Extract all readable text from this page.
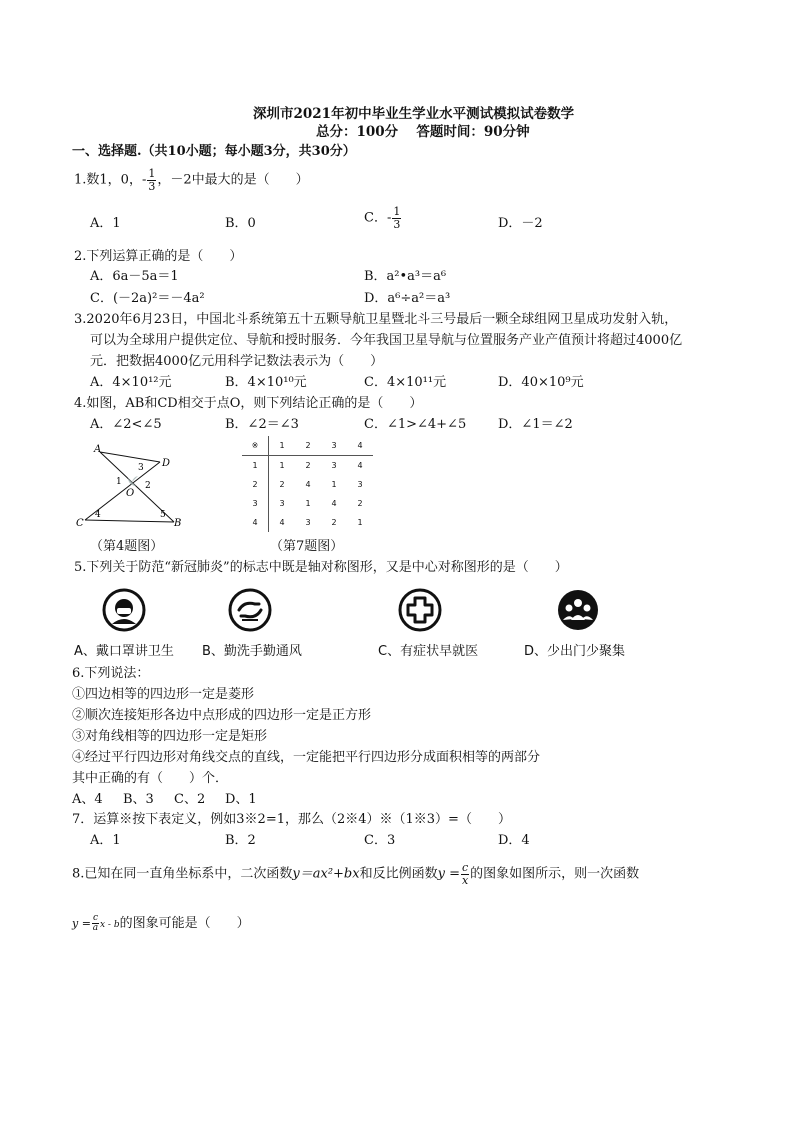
深圳市2021年初中毕业生学业水平测试模拟试卷数学
总分：100分　 答题时间：90分钟
一、选择题.（共10小题；每小题3分，共30分）
1.数1，0，- $\frac{1}{3}$ ，－2中最大的是（　　）
A．1	B．0	C．- $\frac{1}{3}$	D．－2
2.下列运算正确的是（　　）
A．6a－5a＝1	B．a²•a³＝a⁶
C．(－2a)²＝－4a²	D．a⁶÷a²＝a³
3.2020年6月23日，中国北斗系统第五十五颗导航卫星暨北斗三号最后一颗全球组网卫星成功发射入轨，
可以为全球用户提供定位、导航和授时服务．今年我国卫星导航与位置服务产业产值预计将超过4000亿
元．把数据4000亿元用科学记数法表示为（　　）
A．4×10¹²元	B．4×10¹⁰元	C．4×10¹¹元	D．40×10⁹元
4.如图，AB和CD相交于点O，则下列结论正确的是（　　）
A．∠2<∠5	B．∠2＝∠3	C．∠1>∠4+∠5 D．∠1＝∠2
A
D
C	B
O
1	2
3
4	5
（第4题图）
※	1	2	3	4
1	1	2	3	4
2	2	4	1	3
3	3	1	4	2
4	4	3	2	1
（第7题图）
5.下列关于防范“新冠肺炎”的标志中既是轴对称图形，又是中心对称图形的是（　　）
A、戴口罩讲卫生 B、勤洗手勤通风	C、有症状早就医	D、少出门少聚集
6.下列说法：
①四边相等的四边形一定是菱形
②顺次连接矩形各边中点形成的四边形一定是正方形
③对角线相等的四边形一定是矩形
④经过平行四边形对角线交点的直线，一定能把平行四边形分成面积相等的两部分
其中正确的有（　　）个．
A、4 B、3 C、2 D、1
7．运算※按下表定义，例如3※2=1，那么（2※4）※（1※3）=（　　）
A．1	B．2	C．3	D．4
8.已知在同一直角坐标系中，二次函数y＝ax²+bx和反比例函数$y = \frac{c}{x}$ 的图象如图所示，则一次函数
$y = \frac{c}{a}$ x - b的图象可能是（　　）
